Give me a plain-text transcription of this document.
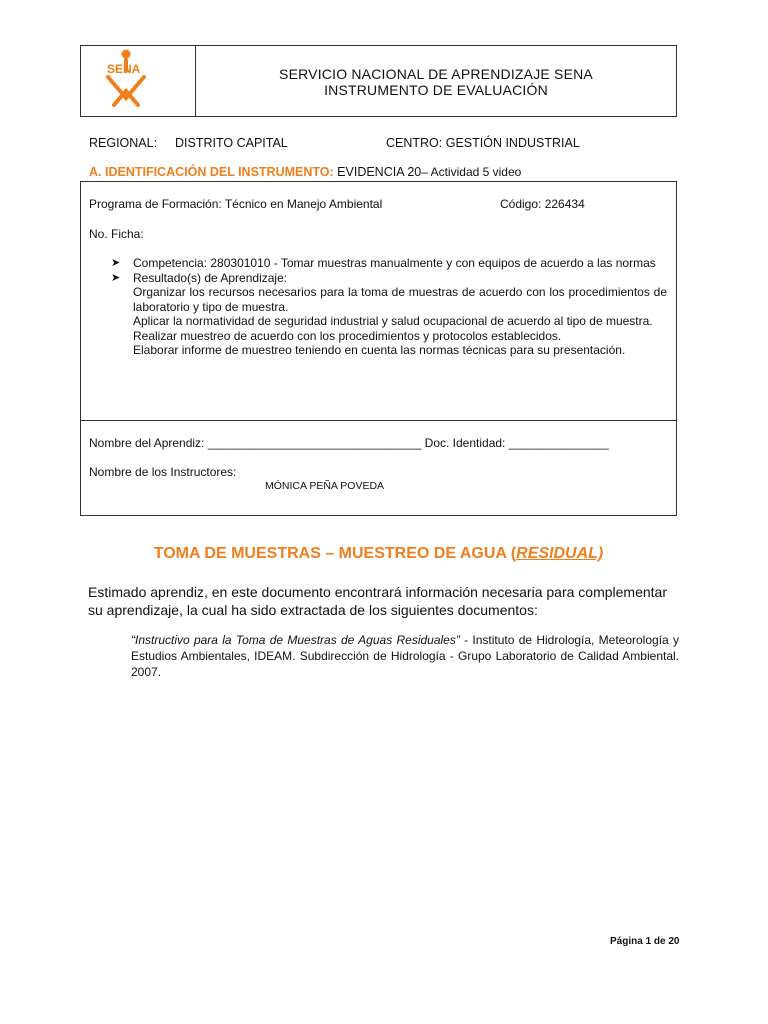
SENA	SERVICIO NACIONAL DE APRENDIZAJE SENA
INSTRUMENTO DE EVALUACIÓN
REGIONAL: DISTRITO CAPITAL	CENTRO: GESTIÓN INDUSTRIAL
A. IDENTIFICACIÓN DEL INSTRUMENTO: EVIDENCIA 20– Actividad 5 video
Programa de Formación: Técnico en Manejo Ambiental	Código: 226434
No. Ficha:
➤	Competencia: 280301010 - Tomar muestras manualmente y con equipos de acuerdo a las normas
➤	Resultado(s) de Aprendizaje:
Organizar los recursos necesarios para la toma de muestras de acuerdo con los procedimientos de laboratorio y tipo de muestra.
Aplicar la normatividad de seguridad industrial y salud ocupacional de acuerdo al tipo de muestra.
Realizar muestreo de acuerdo con los procedimientos y protocolos establecidos.
Elaborar informe de muestreo teniendo en cuenta las normas técnicas para su presentación.
Nombre del Aprendiz: ________________________________ Doc. Identidad: _______________
Nombre de los Instructores:
MÓNICA PEÑA POVEDA
TOMA DE MUESTRAS – MUESTREO DE AGUA (RESIDUAL)
Estimado aprendiz, en este documento encontrará información necesaria para complementar su aprendizaje, la cual ha sido extractada de los siguientes documentos:
“Instructivo para la Toma de Muestras de Aguas Residuales” - Instituto de Hidrología, Meteorología y Estudios Ambientales, IDEAM. Subdirección de Hidrología - Grupo Laboratorio de Calidad Ambiental. 2007.
Página 1 de 20
